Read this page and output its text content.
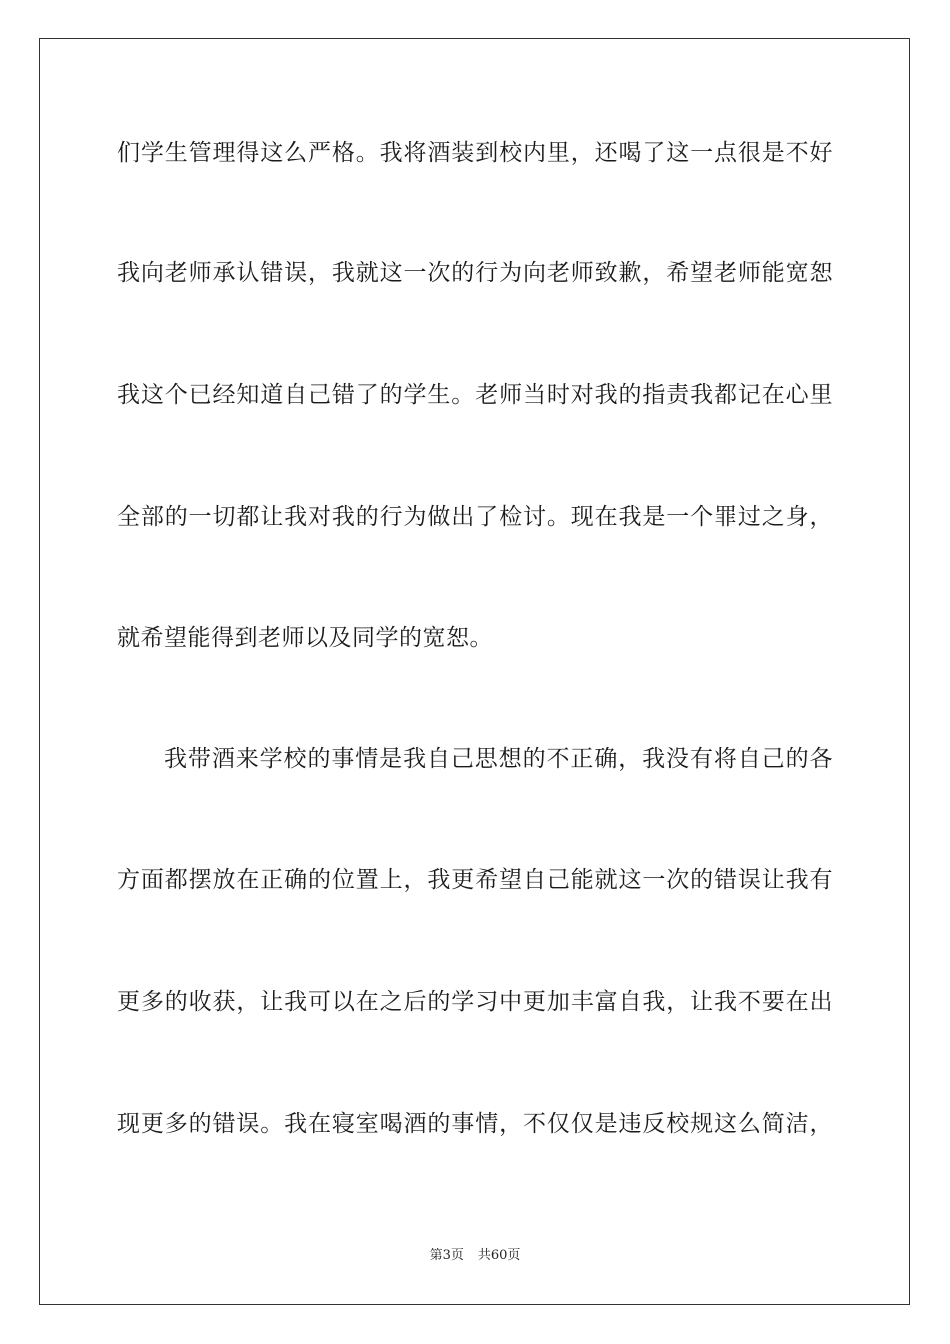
们学生管理得这么严格。我将酒装到校内里，还喝了这一点很是不好
我向老师承认错误，我就这一次的行为向老师致歉，希望老师能宽恕
我这个已经知道自己错了的学生。老师当时对我的指责我都记在心里
全部的一切都让我对我的行为做出了检讨。现在我是一个罪过之身，
就希望能得到老师以及同学的宽恕。
我带酒来学校的事情是我自己思想的不正确，我没有将自己的各
方面都摆放在正确的位置上，我更希望自己能就这一次的错误让我有
更多的收获，让我可以在之后的学习中更加丰富自我，让我不要在出
现更多的错误。我在寝室喝酒的事情，不仅仅是违反校规这么简洁，
第3页 共60页
